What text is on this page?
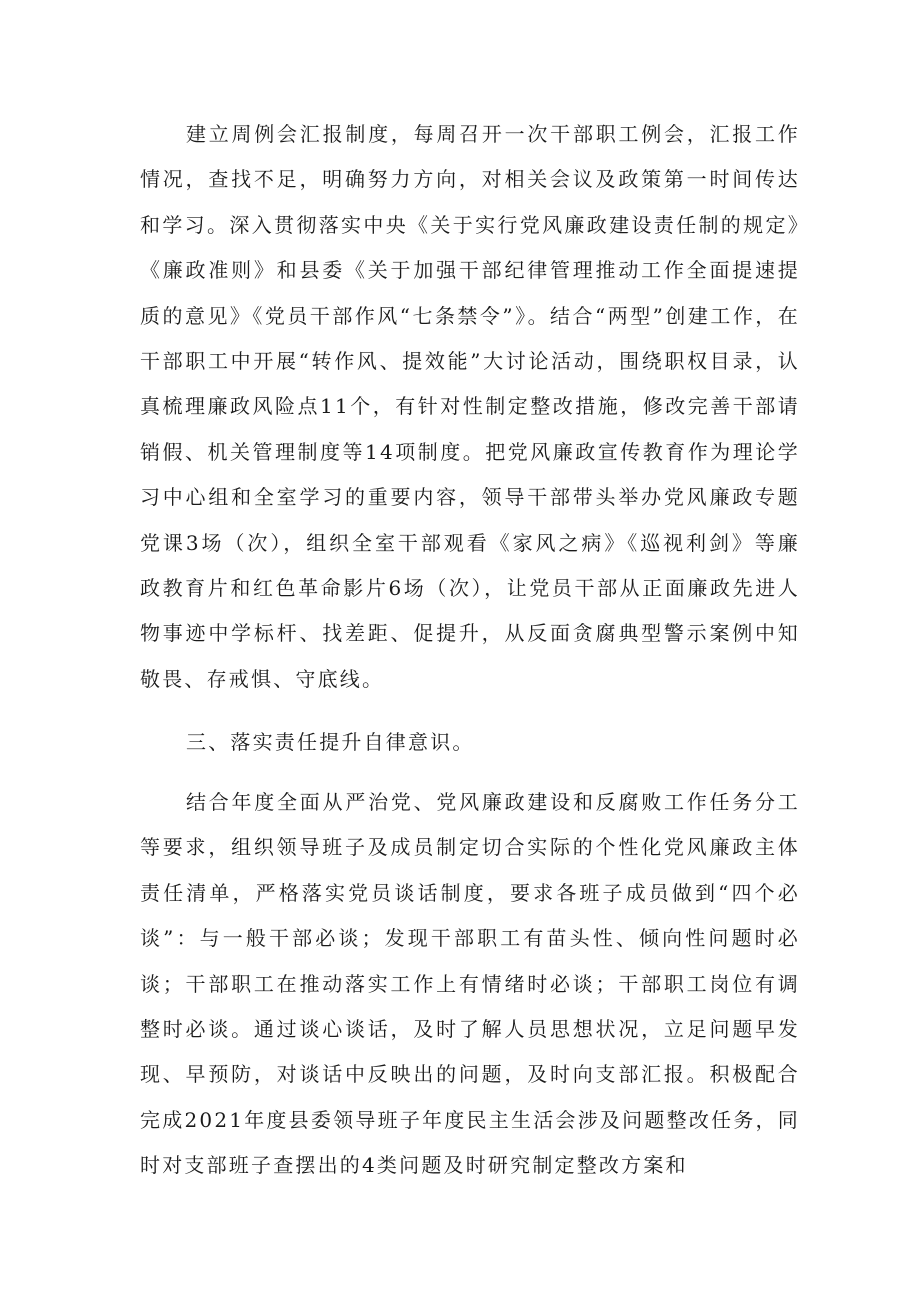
建立周例会汇报制度，每周召开一次干部职工例会，汇报工作情况，查找不足，明确努力方向，对相关会议及政策第一时间传达和学习。深入贯彻落实中央《关于实行党风廉政建设责任制的规定》《廉政准则》和县委《关于加强干部纪律管理推动工作全面提速提质的意见》《党员干部作风“七条禁令”》。结合“两型”创建工作，在干部职工中开展“转作风、提效能”大讨论活动，围绕职权目录，认真梳理廉政风险点11个，有针对性制定整改措施，修改完善干部请销假、机关管理制度等14项制度。把党风廉政宣传教育作为理论学习中心组和全室学习的重要内容，领导干部带头举办党风廉政专题党课3场（次），组织全室干部观看《家风之病》《巡视利剑》等廉政教育片和红色革命影片6场（次），让党员干部从正面廉政先进人物事迹中学标杆、找差距、促提升，从反面贪腐典型警示案例中知敬畏、存戒惧、守底线。

三、落实责任提升自律意识。

结合年度全面从严治党、党风廉政建设和反腐败工作任务分工等要求，组织领导班子及成员制定切合实际的个性化党风廉政主体责任清单，严格落实党员谈话制度，要求各班子成员做到“四个必谈”：与一般干部必谈；发现干部职工有苗头性、倾向性问题时必谈；干部职工在推动落实工作上有情绪时必谈；干部职工岗位有调整时必谈。通过谈心谈话，及时了解人员思想状况，立足问题早发现、早预防，对谈话中反映出的问题，及时向支部汇报。积极配合完成2021年度县委领导班子年度民主生活会涉及问题整改任务，同时对支部班子查摆出的4类问题及时研究制定整改方案和
